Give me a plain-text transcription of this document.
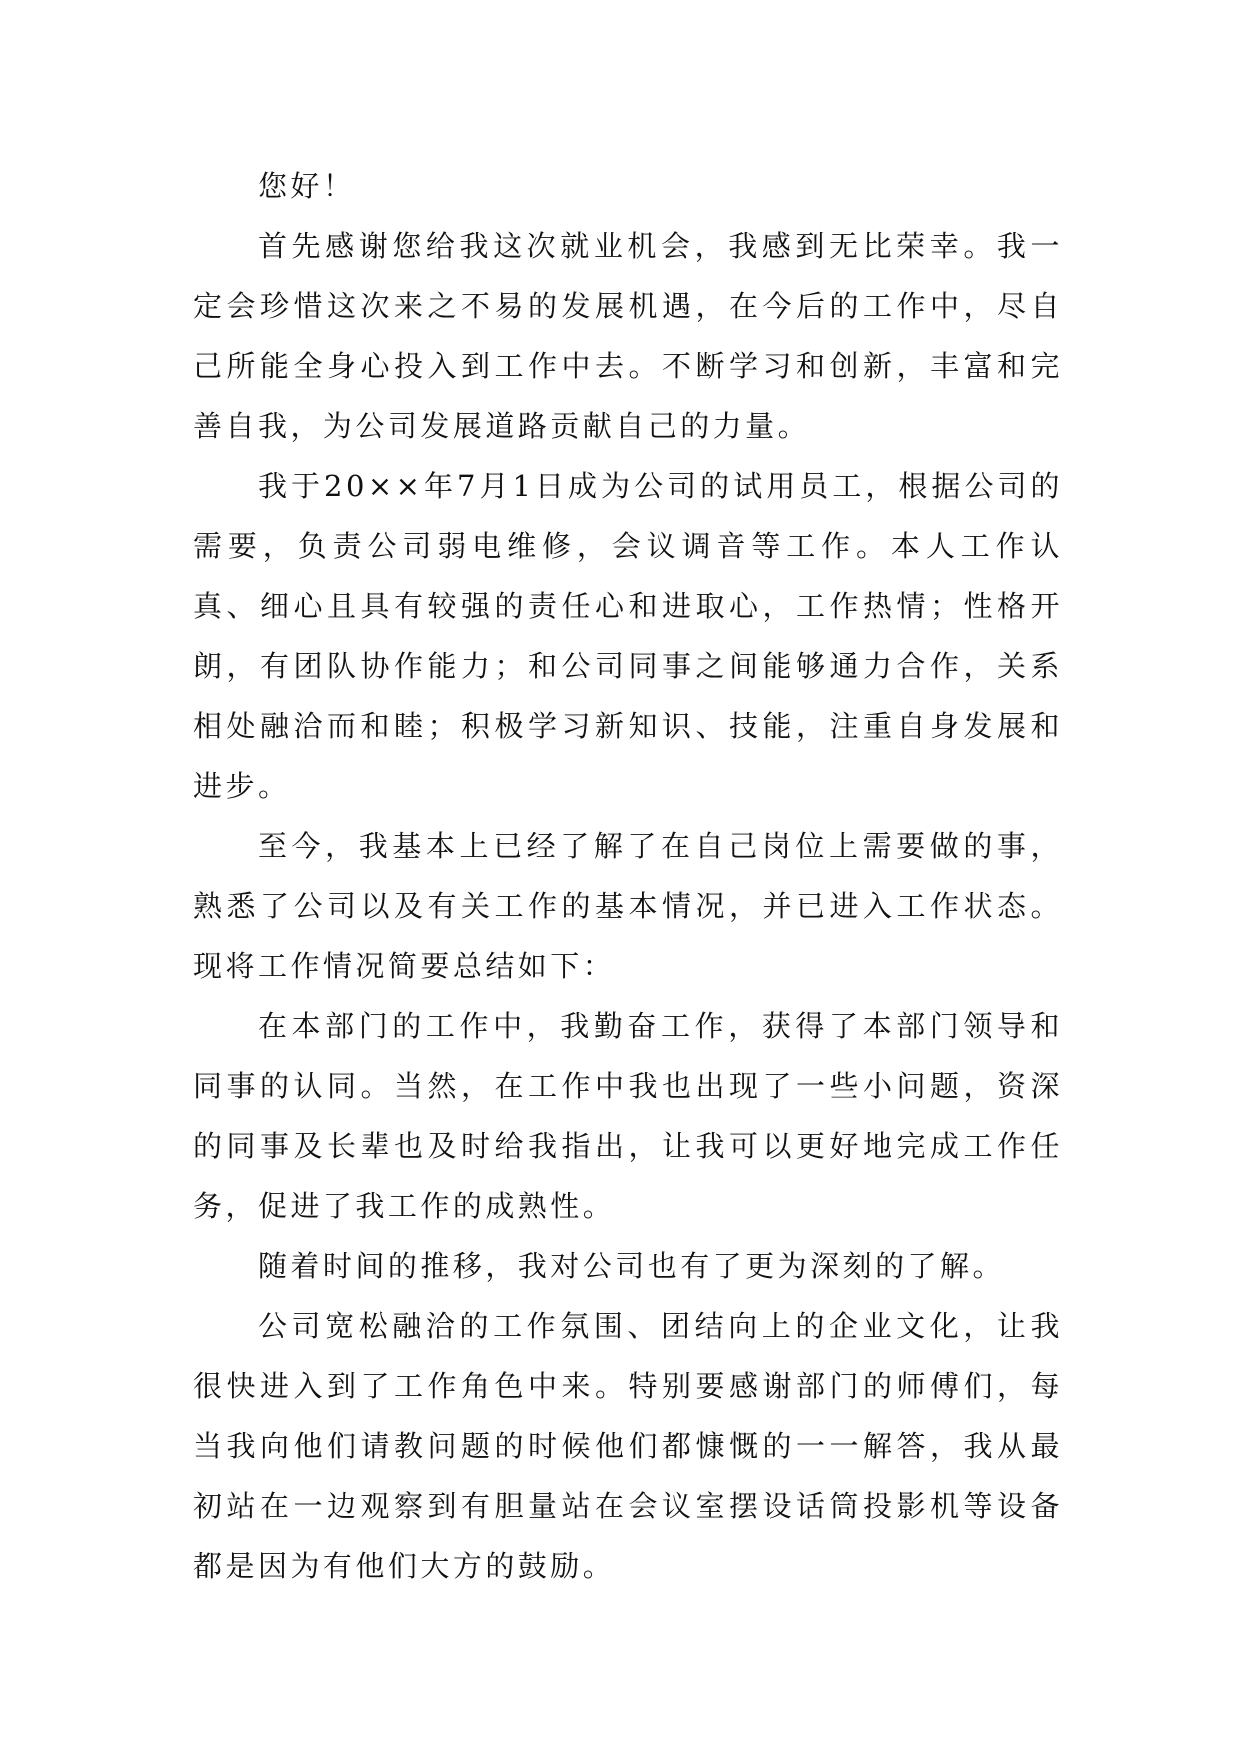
您好！

首先感谢您给我这次就业机会，我感到无比荣幸。我一定会珍惜这次来之不易的发展机遇，在今后的工作中，尽自己所能全身心投入到工作中去。不断学习和创新，丰富和完善自我，为公司发展道路贡献自己的力量。

我于20××年7月1日成为公司的试用员工，根据公司的需要，负责公司弱电维修，会议调音等工作。本人工作认真、细心且具有较强的责任心和进取心，工作热情；性格开朗，有团队协作能力；和公司同事之间能够通力合作，关系相处融洽而和睦；积极学习新知识、技能，注重自身发展和进步。

至今，我基本上已经了解了在自己岗位上需要做的事，熟悉了公司以及有关工作的基本情况，并已进入工作状态。现将工作情况简要总结如下：

在本部门的工作中，我勤奋工作，获得了本部门领导和同事的认同。当然，在工作中我也出现了一些小问题，资深的同事及长辈也及时给我指出，让我可以更好地完成工作任务，促进了我工作的成熟性。

随着时间的推移，我对公司也有了更为深刻的了解。

公司宽松融洽的工作氛围、团结向上的企业文化，让我很快进入到了工作角色中来。特别要感谢部门的师傅们，每当我向他们请教问题的时候他们都慷慨的一一解答，我从最初站在一边观察到有胆量站在会议室摆设话筒投影机等设备都是因为有他们大方的鼓励。
